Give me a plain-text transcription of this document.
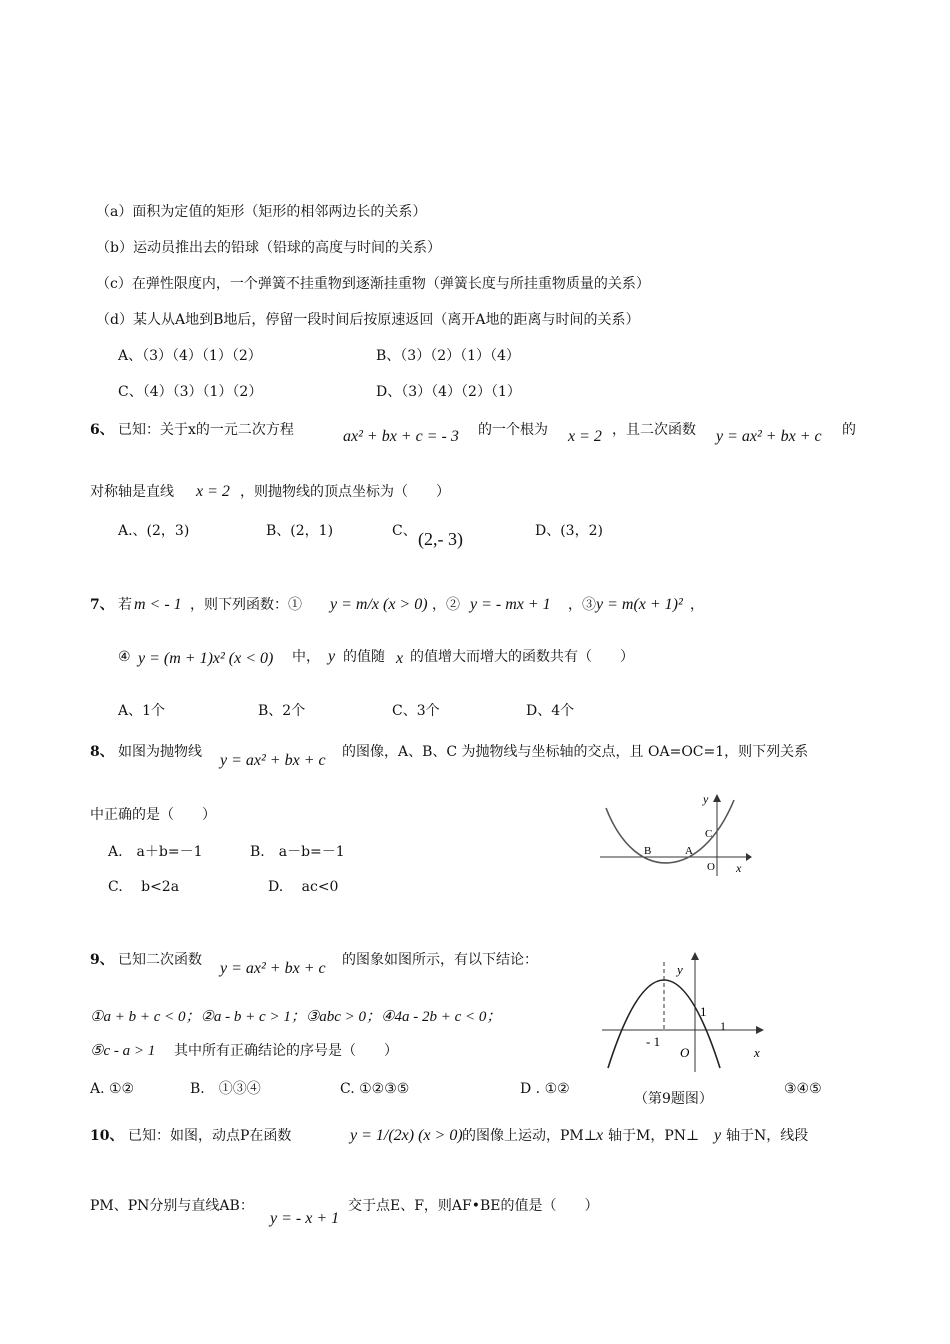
（a）面积为定值的矩形（矩形的相邻两边长的关系）
（b）运动员推出去的铅球（铅球的高度与时间的关系）
（c）在弹性限度内，一个弹簧不挂重物到逐渐挂重物（弹簧长度与所挂重物质量的关系）
（d）某人从A地到B地后，停留一段时间后按原速返回（离开A地的距离与时间的关系）
A、（3）（4）（1）（2）	B、（3）（2）（1）（4）
C、（4）（3）（1）（2）	D、（3）（4）（2）（1）
6、 已知：关于x的一元二次方程	ax² + bx + c = - 3 的一个根为 x = 2 ，且二次函数 y = ax² + bx + c 的
对称轴是直线 x = 2 ，则抛物线的顶点坐标为（　　）
A.、(2，3)	B、(2，1)	C、 (2,- 3)	D、(3，2)
7、 若 m < - 1 ，则下列函数：① y = m/x (x > 0) ，② y = - mx + 1 ，③ y = m(x + 1)² ，
④ y = (m + 1)x² (x < 0) 中， y 的值随 x 的值增大而增大的函数共有（　　）
A、1个	B、2个	C、3个	D、4个
8、 如图为抛物线 y = ax² + bx + c 的图像，A、B、C 为抛物线与坐标轴的交点，且 OA=OC=1，则下列关系
中正确的是（　　）
A.　a＋b=－1	B.　a－b=－1
C.　 b<2a	D.　 ac<0
y
x
O
A
B
C
9、 已知二次函数 y = ax² + bx + c 的图象如图所示，有以下结论：
①a + b + c < 0；②a - b + c > 1；③abc > 0；④4a - 2b + c < 0；
⑤c - a > 1 其中所有正确结论的序号是（　　）
A. ①②	B.　①③④	C. ①②③⑤	D . ①②	③④⑤
y
x
O
1
1
- 1
（第9题图）
10、 已知：如图，动点P在函数	y = 1/(2x) (x > 0) 的图像上运动，PM⊥ x 轴于M，PN⊥ y 轴于N，线段
PM、PN分别与直线AB：
y = - x + 1
交于点E、F，则AF•BE的值是（　　）
